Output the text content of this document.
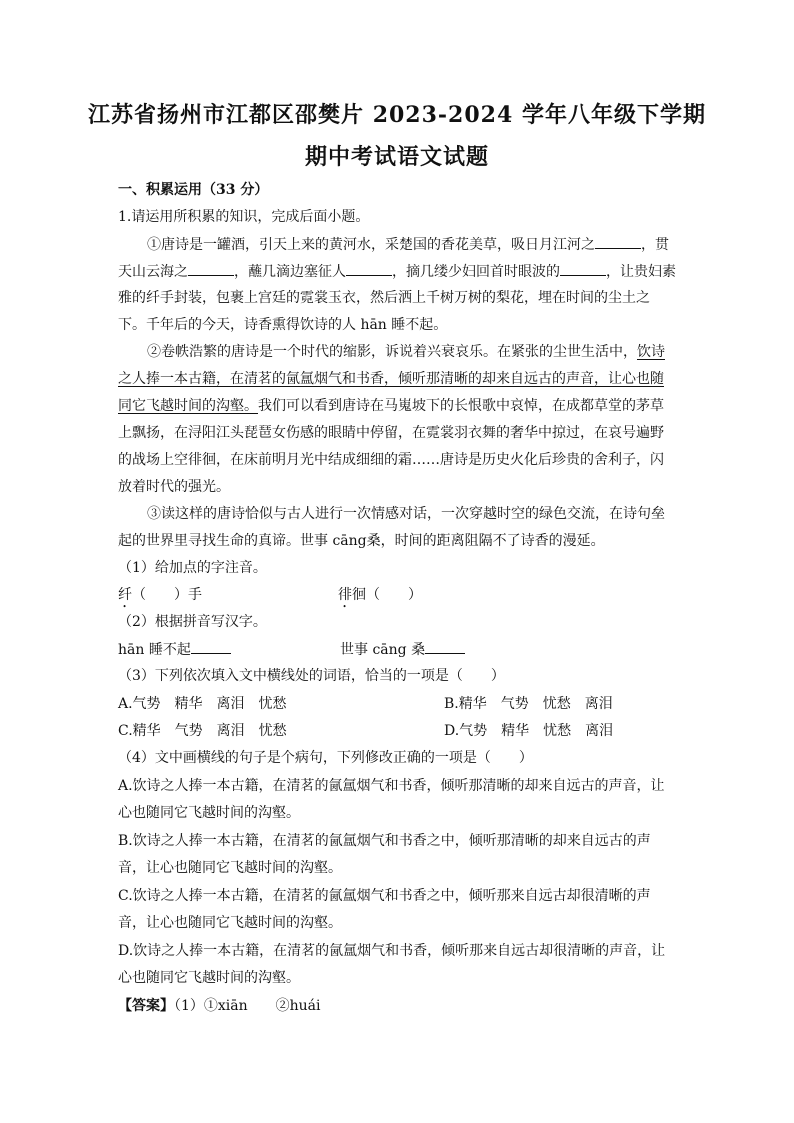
江苏省扬州市江都区邵樊片 2023-2024 学年八年级下学期
期中考试语文试题
一、积累运用（33 分）
1.请运用所积累的知识，完成后面小题。
①唐诗是一罐酒，引天上来的黄河水，采楚国的香花美草，吸日月江河之	，贯
天山云海之	，蘸几滴边塞征人	，摘几缕少妇回首时眼波的	，让贵妇素
雅的纤手封装，包裹上宫廷的霓裳玉衣，然后洒上千树万树的梨花，埋在时间的尘土之
下。千年后的今天，诗香熏得饮诗的人 hān 睡不起。
②卷帙浩繁的唐诗是一个时代的缩影，诉说着兴衰哀乐。在紧张的尘世生活中，饮诗
之人捧一本古籍，在清茗的氤氲烟气和书香，倾听那清晰的却来自远古的声音，让心也随
同它飞越时间的沟壑。我们可以看到唐诗在马嵬坡下的长恨歌中哀悼，在成都草堂的茅草
上飘扬，在浔阳江头琵琶女伤感的眼睛中停留，在霓裳羽衣舞的奢华中掠过，在哀号遍野
的战场上空徘徊，在床前明月光中结成细细的霜……唐诗是历史火化后珍贵的舍利子，闪
放着时代的强光。
③读这样的唐诗恰似与古人进行一次情感对话，一次穿越时空的绿色交流，在诗句垒
起的世界里寻找生命的真谛。世事 cāng桑，时间的距离阻隔不了诗香的漫延。
（1）给加点的字注音。
纤（　　）手	徘徊（　　）
（2）根据拼音写汉字。
hān 睡不起	世事 cāng 桑
（3）下列依次填入文中横线处的词语，恰当的一项是（　　）
A.气势　精华　离泪　忧愁	B.精华　气势　忧愁　离泪
C.精华　气势　离泪　忧愁	D.气势　精华　忧愁　离泪
（4）文中画横线的句子是个病句，下列修改正确的一项是（　　）
A.饮诗之人捧一本古籍，在清茗的氤氲烟气和书香，倾听那清晰的却来自远古的声音，让
心也随同它飞越时间的沟壑。
B.饮诗之人捧一本古籍，在清茗的氤氲烟气和书香之中，倾听那清晰的却来自远古的声
音，让心也随同它飞越时间的沟壑。
C.饮诗之人捧一本古籍，在清茗的氤氲烟气和书香之中，倾听那来自远古却很清晰的声
音，让心也随同它飞越时间的沟壑。
D.饮诗之人捧一本古籍，在清茗的氤氲烟气和书香，倾听那来自远古却很清晰的声音，让
心也随同它飞越时间的沟壑。
【答案】（1）①xiān　　②huái
